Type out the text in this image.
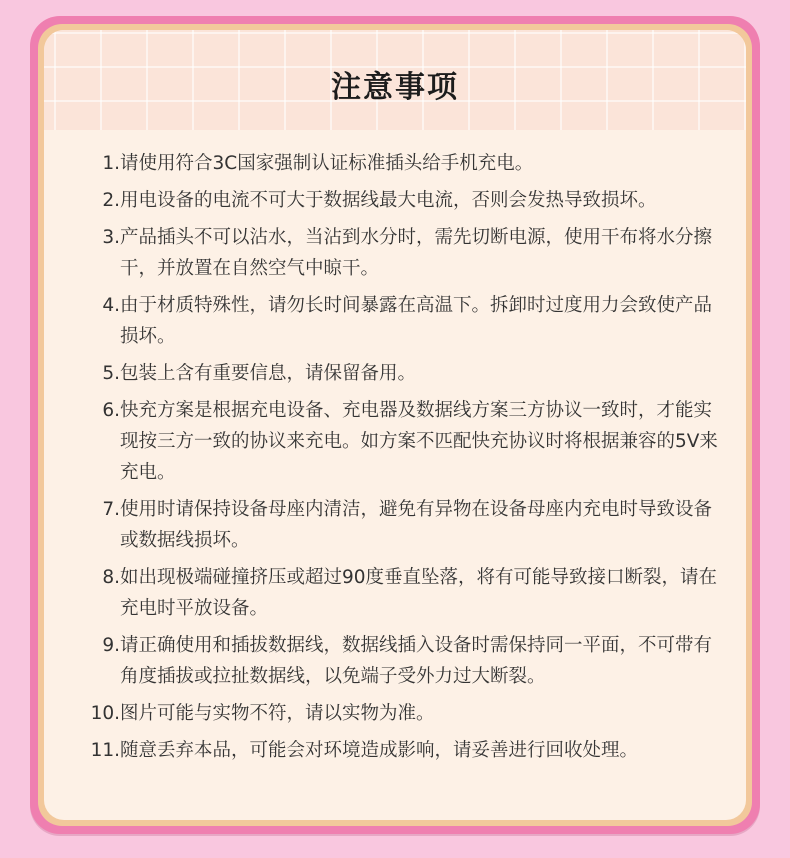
注意事项
1. 请使用符合3C国家强制认证标准插头给手机充电。
2. 用电设备的电流不可大于数据线最大电流，否则会发热导致损坏。
3. 产品插头不可以沾水，当沾到水分时，需先切断电源，使用干布将水分擦干，并放置在自然空气中晾干。
4. 由于材质特殊性，请勿长时间暴露在高温下。拆卸时过度用力会致使产品损坏。
5. 包装上含有重要信息，请保留备用。
6. 快充方案是根据充电设备、充电器及数据线方案三方协议一致时，才能实现按三方一致的协议来充电。如方案不匹配快充协议时将根据兼容的5V来充电。
7. 使用时请保持设备母座内清洁，避免有异物在设备母座内充电时导致设备或数据线损坏。
8. 如出现极端碰撞挤压或超过90度垂直坠落，将有可能导致接口断裂，请在充电时平放设备。
9. 请正确使用和插拔数据线，数据线插入设备时需保持同一平面，不可带有角度插拔或拉扯数据线，以免端子受外力过大断裂。
10. 图片可能与实物不符，请以实物为准。
11. 随意丢弃本品，可能会对环境造成影响，请妥善进行回收处理。
